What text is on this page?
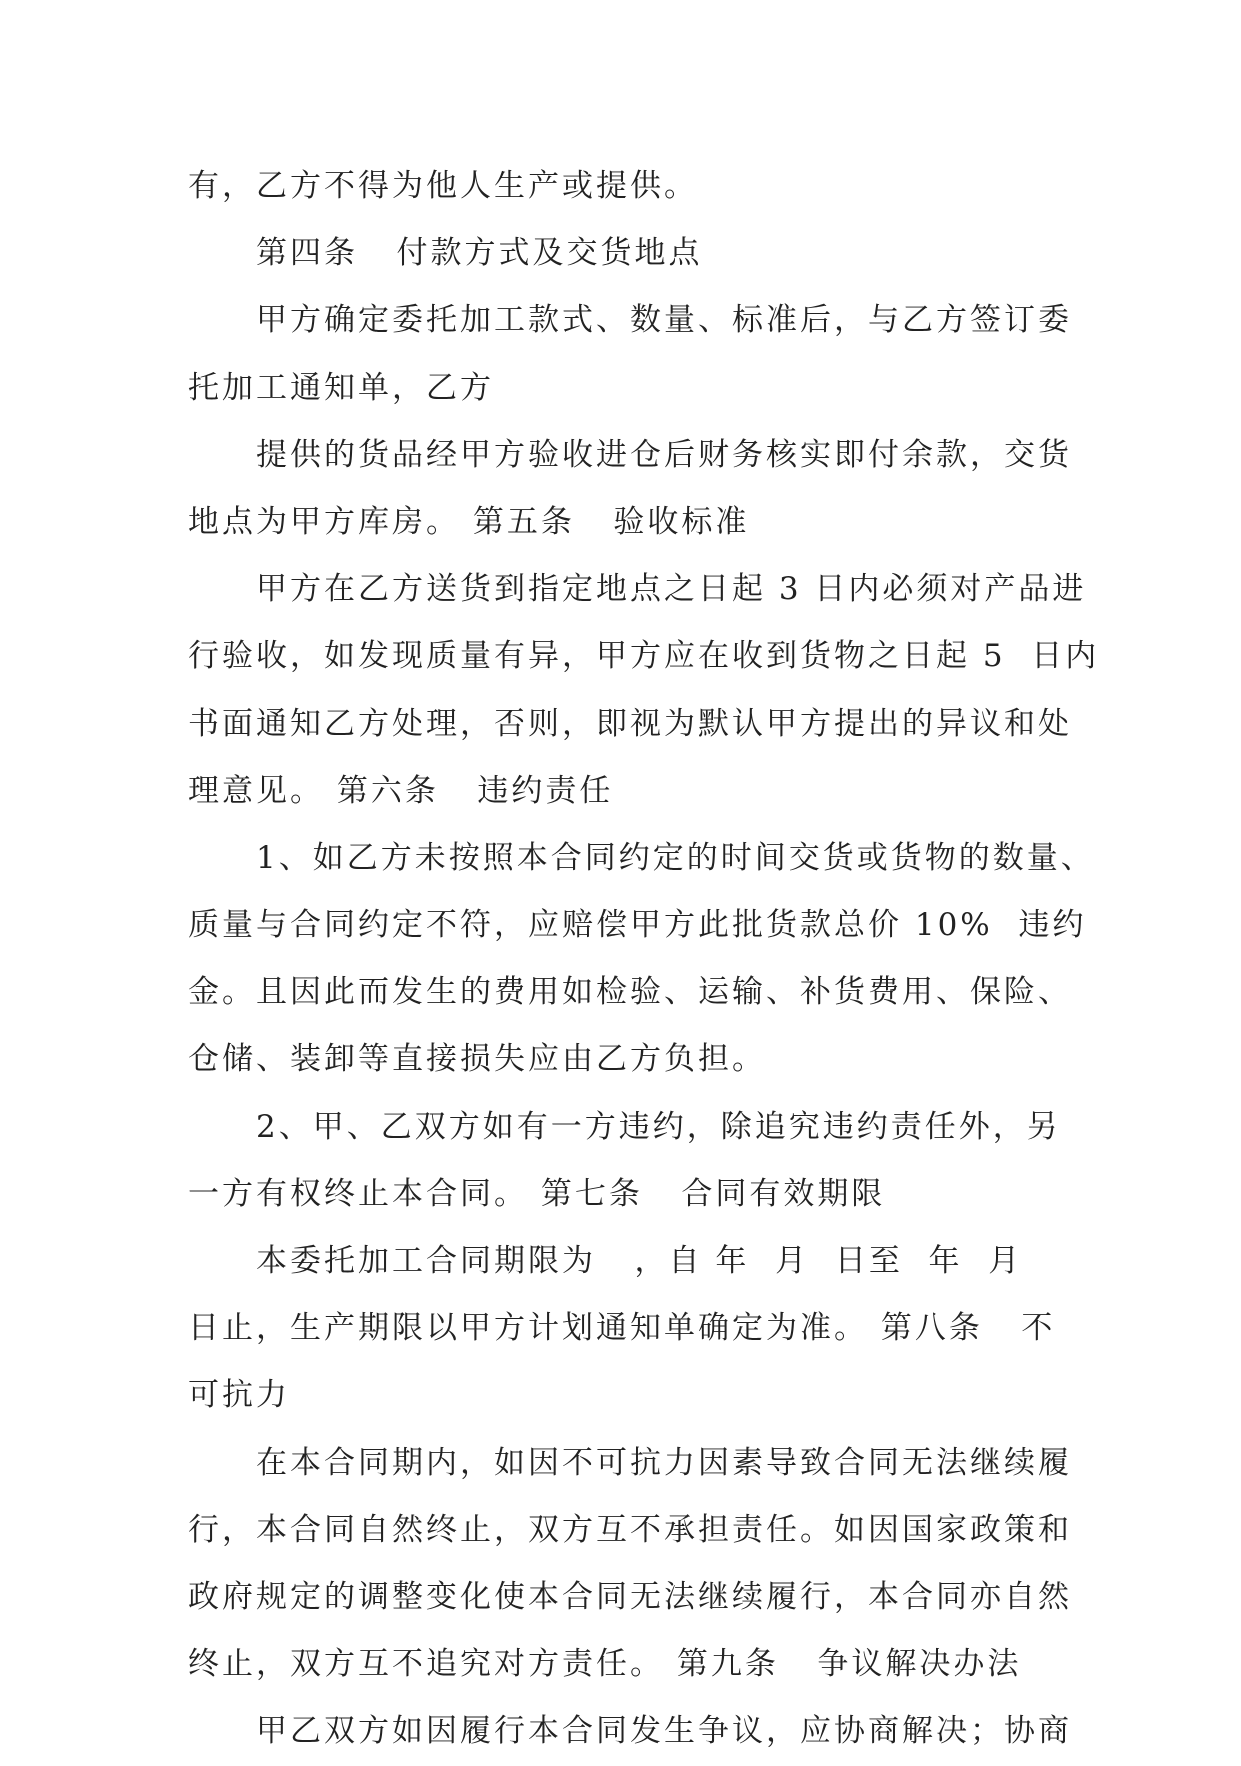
有，乙方不得为他人生产或提供。
第四条   付款方式及交货地点
甲方确定委托加工款式、数量、标准后，与乙方签订委
托加工通知单，乙方
提供的货品经甲方验收进仓后财务核实即付余款，交货
地点为甲方库房。 第五条   验收标准
甲方在乙方送货到指定地点之日起 3 日内必须对产品进
行验收，如发现质量有异，甲方应在收到货物之日起 5  日内
书面通知乙方处理，否则，即视为默认甲方提出的异议和处
理意见。 第六条   违约责任
1、如乙方未按照本合同约定的时间交货或货物的数量、
质量与合同约定不符，应赔偿甲方此批货款总价 10%  违约
金。且因此而发生的费用如检验、运输、补货费用、保险、
仓储、装卸等直接损失应由乙方负担。
2、甲、乙双方如有一方违约，除追究违约责任外，另
一方有权终止本合同。 第七条   合同有效期限
本委托加工合同期限为   ，自 年  月  日至  年  月
日止，生产期限以甲方计划通知单确定为准。 第八条   不
可抗力
在本合同期内，如因不可抗力因素导致合同无法继续履
行，本合同自然终止，双方互不承担责任。如因国家政策和
政府规定的调整变化使本合同无法继续履行，本合同亦自然
终止，双方互不追究对方责任。 第九条   争议解决办法
甲乙双方如因履行本合同发生争议，应协商解决；协商
